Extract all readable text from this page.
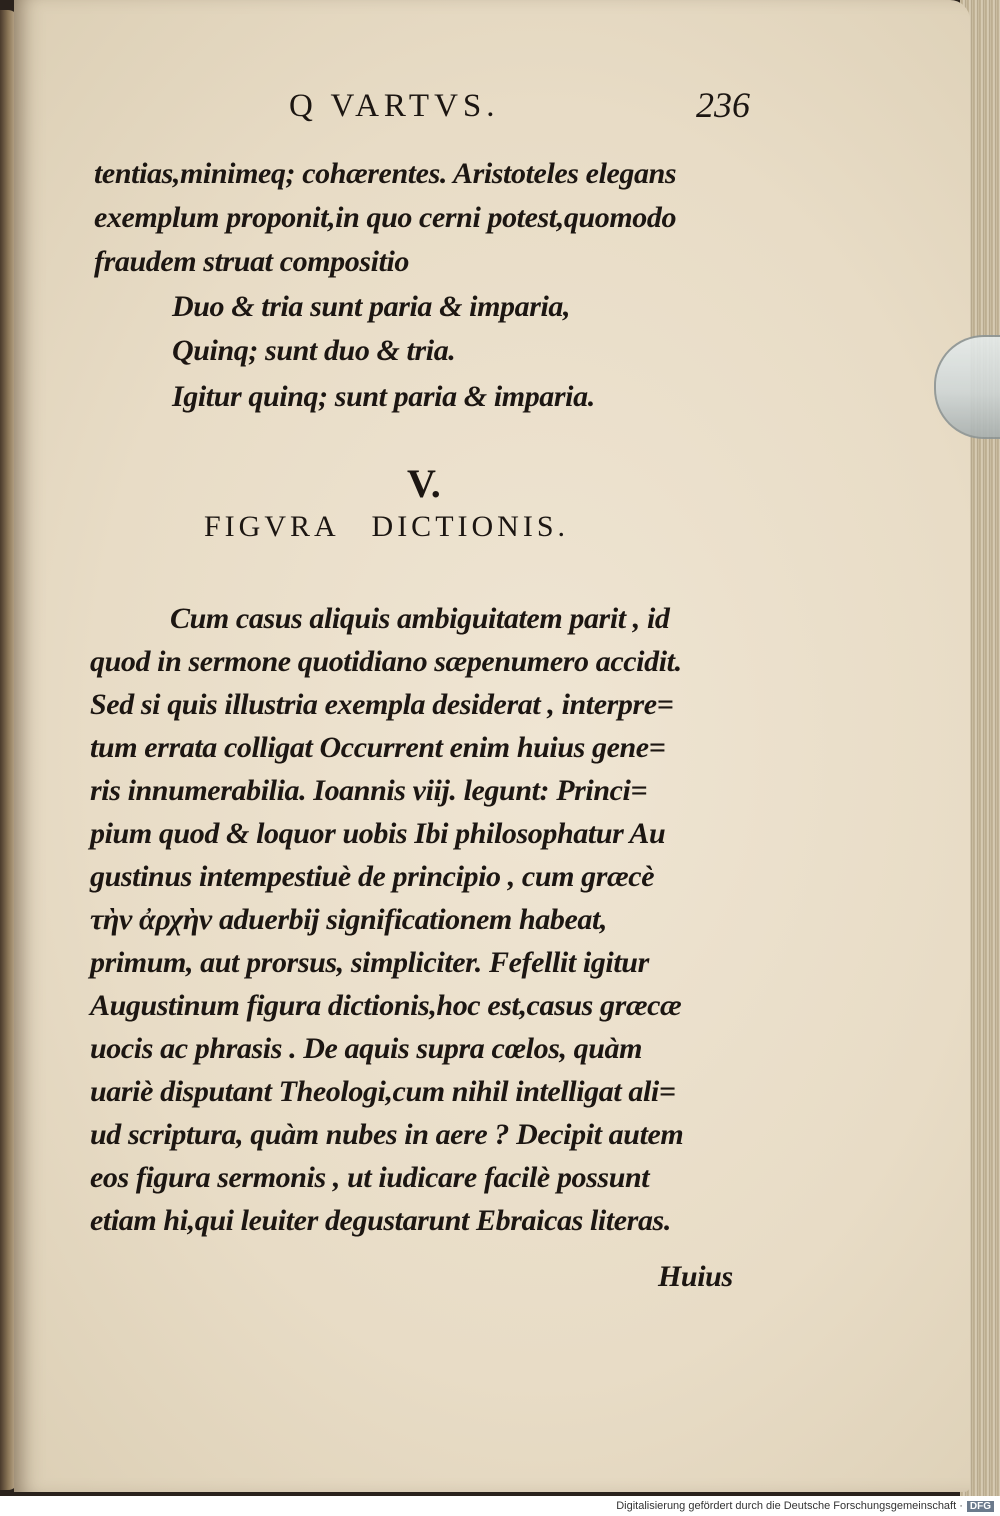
Q VARTVS.	236

tentias,minimeq; cohærentes. Aristoteles elegans

exemplum proponit,in quo cerni potest,quomodo

fraudem struat compositio

Duo & tria sunt paria & imparia,

Quinq; sunt duo & tria.

Igitur quinq; sunt paria & imparia.

V.

FIGVRA DICTIONIS.

Cum casus aliquis ambiguitatem parit , id

quod in sermone quotidiano sæpenumero accidit.

Sed si quis illustria exempla desiderat , interpre=

tum errata colligat Occurrent enim huius gene=

ris innumerabilia. Ioannis viij. legunt: Princi=

pium quod & loquor uobis Ibi philosophatur Au

gustinus intempestiuè de principio , cum græcè

τὴν ἀρχὴν aduerbij significationem habeat,

primum, aut prorsus, simpliciter. Fefellit igitur

Augustinum figura dictionis,hoc est,casus græcæ

uocis ac phrasis . De aquis supra cœlos, quàm

uariè disputant Theologi,cum nihil intelligat ali=

ud scriptura, quàm nubes in aere ? Decipit autem

eos figura sermonis , ut iudicare facilè possunt

etiam hi,qui leuiter degustarunt Ebraicas literas.

Huius

Digitalisierung gefördert durch die Deutsche Forschungsgemeinschaft · DFG
